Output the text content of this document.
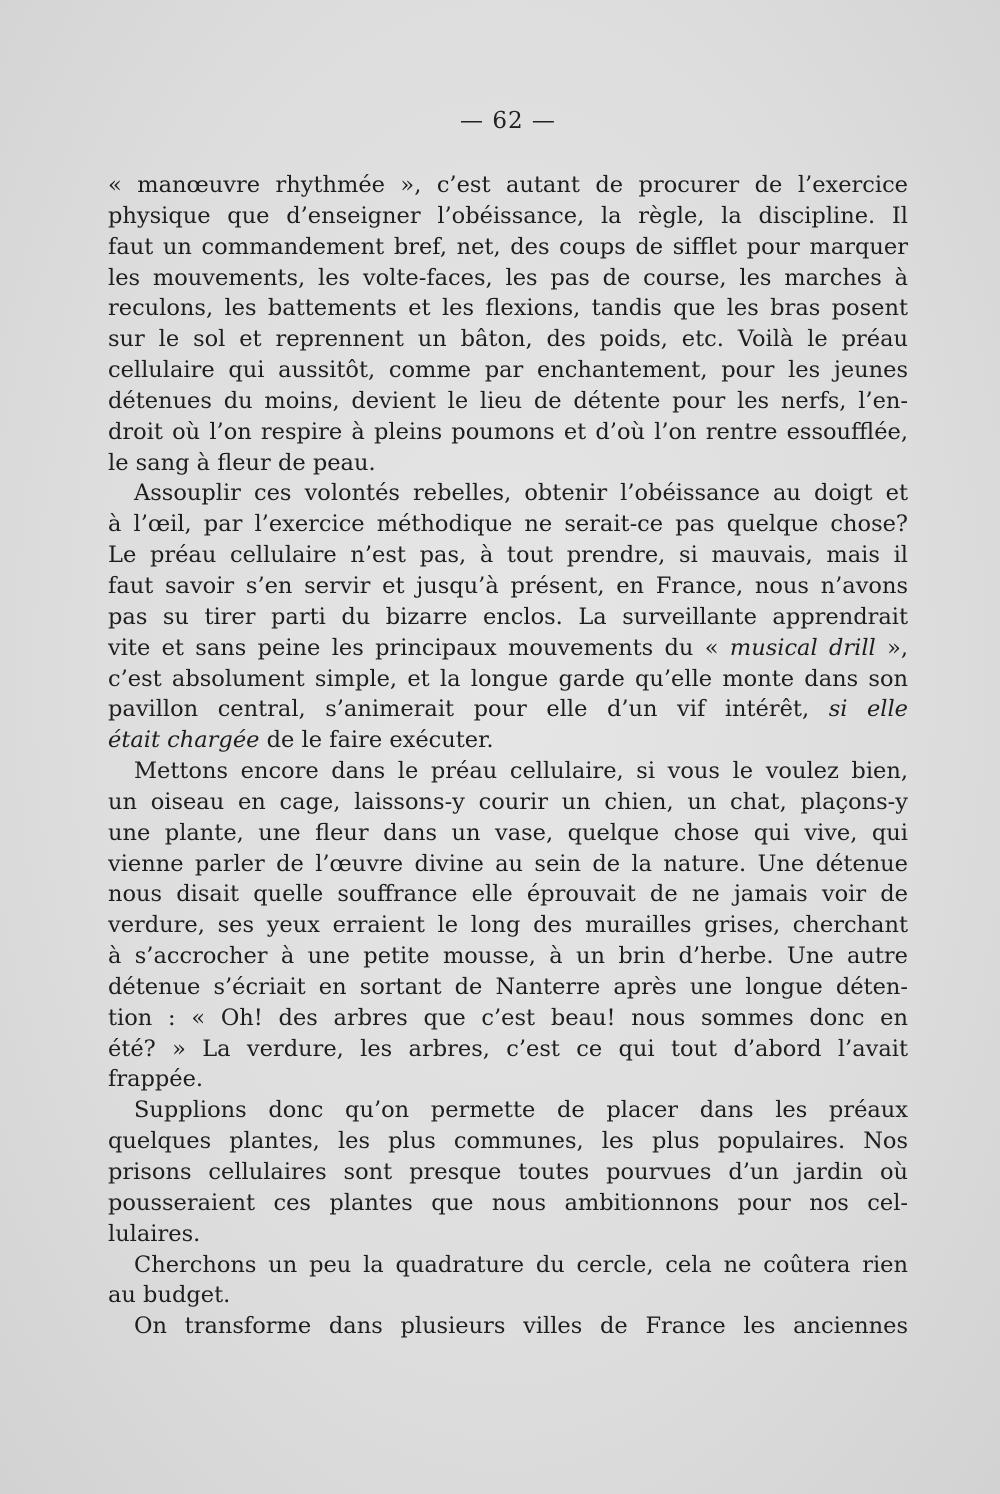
— 62 —
« manœuvre rhythmée », c’est autant de procurer de l’exercice
physique que d’enseigner l’obéissance, la règle, la discipline. Il
faut un commandement bref, net, des coups de sifflet pour marquer
les mouvements, les volte-faces, les pas de course, les marches à
reculons, les battements et les flexions, tandis que les bras posent
sur le sol et reprennent un bâton, des poids, etc. Voilà le préau
cellulaire qui aussitôt, comme par enchantement, pour les jeunes
détenues du moins, devient le lieu de détente pour les nerfs, l’en-
droit où l’on respire à pleins poumons et d’où l’on rentre essoufflée,
le sang à fleur de peau.
Assouplir ces volontés rebelles, obtenir l’obéissance au doigt et
à l’œil, par l’exercice méthodique ne serait-ce pas quelque chose?
Le préau cellulaire n’est pas, à tout prendre, si mauvais, mais il
faut savoir s’en servir et jusqu’à présent, en France, nous n’avons
pas su tirer parti du bizarre enclos. La surveillante apprendrait
vite et sans peine les principaux mouvements du « musical drill »,
c’est absolument simple, et la longue garde qu’elle monte dans son
pavillon central, s’animerait pour elle d’un vif intérêt, si elle
était chargée de le faire exécuter.
Mettons encore dans le préau cellulaire, si vous le voulez bien,
un oiseau en cage, laissons-y courir un chien, un chat, plaçons-y
une plante, une fleur dans un vase, quelque chose qui vive, qui
vienne parler de l’œuvre divine au sein de la nature. Une détenue
nous disait quelle souffrance elle éprouvait de ne jamais voir de
verdure, ses yeux erraient le long des murailles grises, cherchant
à s’accrocher à une petite mousse, à un brin d’herbe. Une autre
détenue s’écriait en sortant de Nanterre après une longue déten-
tion : « Oh! des arbres que c’est beau! nous sommes donc en
été? » La verdure, les arbres, c’est ce qui tout d’abord l’avait
frappée.
Supplions donc qu’on permette de placer dans les préaux
quelques plantes, les plus communes, les plus populaires. Nos
prisons cellulaires sont presque toutes pourvues d’un jardin où
pousseraient ces plantes que nous ambitionnons pour nos cel-
lulaires.
Cherchons un peu la quadrature du cercle, cela ne coûtera rien
au budget.
On transforme dans plusieurs villes de France les anciennes
